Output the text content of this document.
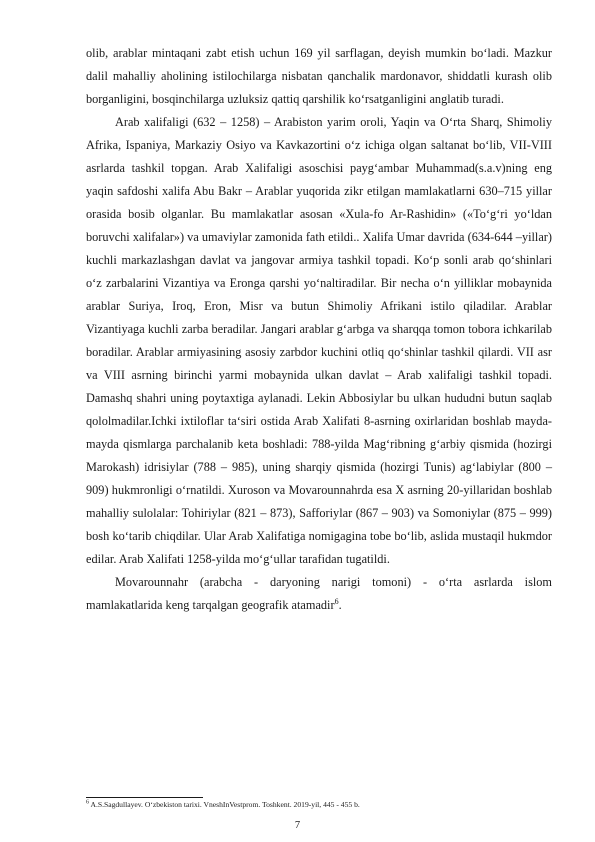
olib, arablar mintaqani zabt etish uchun 169 yil sarflagan, deyish mumkin bo‘ladi. Mazkur dalil mahalliy aholining istilochilarga nisbatan qanchalik mardonavor, shiddatli kurash olib borganligini, bosqinchilarga uzluksiz qattiq qarshilik ko‘rsatganligini anglatib turadi.

Arab xalifaligi (632 – 1258) – Arabiston yarim oroli, Yaqin va O‘rta Sharq, Shimoliy Afrika, Ispaniya, Markaziy Osiyo va Kavkazortini o‘z ichiga olgan saltanat bo‘lib, VII-VIII asrlarda tashkil topgan. Arab Xalifaligi asoschisi payg‘ambar Muhammad(s.a.v)ning eng yaqin safdoshi xalifa Abu Bakr – Arablar yuqorida zikr etilgan mamlakatlarni 630–715 yillar orasida bosib olganlar. Bu mamlakatlar asosan «Xula-fo Ar-Rashidin» («To‘g‘ri yo‘ldan boruvchi xalifalar») va umaviylar zamonida fath etildi.. Xalifa Umar davrida (634-644 –yillar) kuchli markazlashgan davlat va jangovar armiya tashkil topadi. Ko‘p sonli arab qo‘shinlari o‘z zarbalarini Vizantiya va Eronga qarshi yo‘naltiradilar. Bir necha o‘n yilliklar mobaynida arablar Suriya, Iroq, Eron, Misr va butun Shimoliy Afrikani istilo qiladilar. Arablar Vizantiyaga kuchli zarba beradilar. Jangari arablar g‘arbga va sharqqa tomon tobora ichkarilab boradilar. Arablar armiyasining asosiy zarbdor kuchini otliq qo‘shinlar tashkil qilardi. VII asr va VIII asrning birinchi yarmi mobaynida ulkan davlat – Arab xalifaligi tashkil topadi. Damashq shahri uning poytaxtiga aylanadi. Lekin Abbosiylar bu ulkan hududni butun saqlab qololmadilar.Ichki ixtiloflar ta‘siri ostida Arab Xalifati 8-asrning oxirlaridan boshlab mayda-mayda qismlarga parchalanib keta boshladi: 788-yilda Mag‘ribning g‘arbiy qismida (hozirgi Marokash) idrisiylar (788 – 985), uning sharqiy qismida (hozirgi Tunis) ag‘labiylar (800 – 909) hukmronligi o‘rnatildi. Xuroson va Movarounnahrda esa X asrning 20-yillaridan boshlab mahalliy sulolalar: Tohiriylar (821 – 873), Safforiylar (867 – 903) va Somoniylar (875 – 999) bosh ko‘tarib chiqdilar. Ular Arab Xalifatiga nomigagina tobe bo‘lib, aslida mustaqil hukmdor edilar. Arab Xalifati 1258-yilda mo‘g‘ullar tarafidan tugatildi.

Movarounnahr (arabcha - daryoning narigi tomoni) - o‘rta asrlarda islom mamlakatlarida keng tarqalgan geografik atamadir$^6$.

$^6$ A.S.Sagdullayev. O‘zbekiston tarixi. VneshInVestprom. Toshkent. 2019-yil, 445 - 455 b.
7
